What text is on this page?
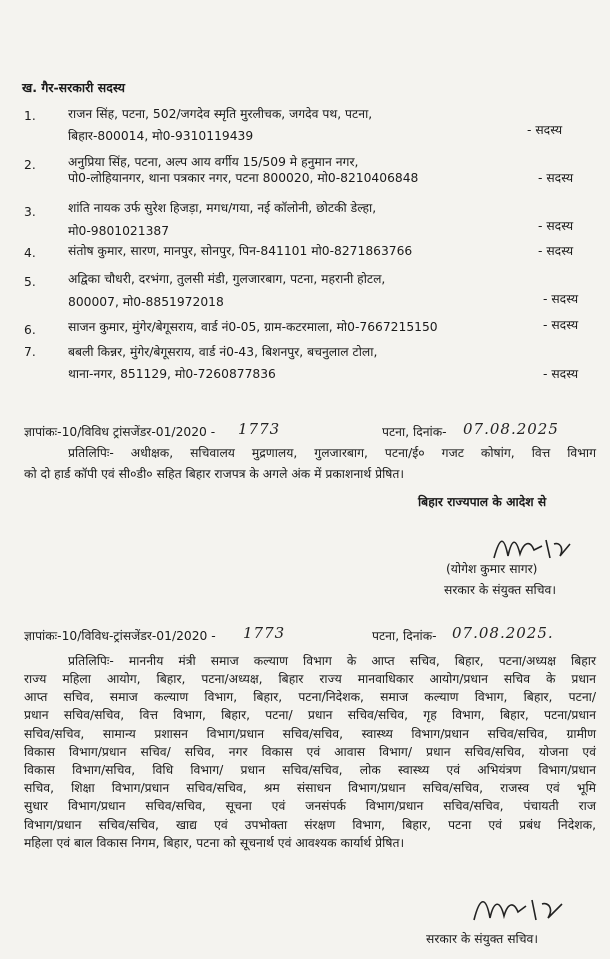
ख. गैर-सरकारी सदस्य
1.	राजन सिंह, पटना, 502/जगदेव स्मृति मुरलीचक, जगदेव पथ, पटना,
बिहार-800014, मो0-9310119439	- सदस्य
2.	अनुप्रिया सिंह, पटना, अल्प आय वर्गीय 15/509 मे हनुमान नगर,
पो0-लोहियानगर, थाना पत्रकार नगर, पटना 800020, मो0-8210406848	- सदस्य
3.	शांति नायक उर्फ सुरेश हिजड़ा, मगध/गया, नई कॉलोनी, छोटकी डेल्हा,
मो0-9801021387	- सदस्य
4.	संतोष कुमार, सारण, मानपुर, सोनपुर, पिन-841101 मो0-8271863766	- सदस्य
5.	अद्विका चौधरी, दरभंगा, तुलसी मंडी, गुलजारबाग, पटना, महरानी होटल,
800007, मो0-8851972018	- सदस्य
6.	साजन कुमार, मुंगेर/बेगूसराय, वार्ड नं0-05, ग्राम-कटरमाला, मो0-7667215150	- सदस्य
7.	बबली किन्नर, मुंगेर/बेगूसराय, वार्ड नं0-43, बिशनपुर, बचनुलाल टोला,
थाना-नगर, 851129, मो0-7260877836	- सदस्य
ज्ञापांकः-10/विविध ट्रांसजेंडर-01/2020 - 1773	पटना, दिनांक- 07.08.2025
प्रतिलिपिः- अधीक्षक, सचिवालय मुद्रणालय, गुलजारबाग, पटना/ई० गजट कोषांग, वित्त विभाग
को दो हार्ड कॉपी एवं सी०डी० सहित बिहार राजपत्र के अगले अंक में प्रकाशनार्थ प्रेषित।
बिहार राज्यपाल के आदेश से
(योगेश कुमार सागर)
सरकार के संयुक्त सचिव।
ज्ञापांकः-10/विविध-ट्रांसजेंडर-01/2020 - 1773	पटना, दिनांक- 07.08.2025.
प्रतिलिपिः- माननीय मंत्री समाज कल्याण विभाग के आप्त सचिव, बिहार, पटना/अध्यक्ष बिहार
राज्य महिला आयोग, बिहार, पटना/अध्यक्ष, बिहार राज्य मानवाधिकार आयोग/प्रधान सचिव के प्रधान
आप्त सचिव, समाज कल्याण विभाग, बिहार, पटना/निदेशक, समाज कल्याण विभाग, बिहार, पटना/
प्रधान सचिव/सचिव, वित्त विभाग, बिहार, पटना/ प्रधान सचिव/सचिव, गृह विभाग, बिहार, पटना/प्रधान
सचिव/सचिव, सामान्य प्रशासन विभाग/प्रधान सचिव/सचिव, स्वास्थ्य विभाग/प्रधान सचिव/सचिव, ग्रामीण
विकास विभाग/प्रधान सचिव/ सचिव, नगर विकास एवं आवास विभाग/ प्रधान सचिव/सचिव, योजना एवं
विकास विभाग/सचिव, विधि विभाग/ प्रधान सचिव/सचिव, लोक स्वास्थ्य एवं अभियंत्रण विभाग/प्रधान
सचिव, शिक्षा विभाग/प्रधान सचिव/सचिव, श्रम संसाधन विभाग/प्रधान सचिव/सचिव, राजस्व एवं भूमि
सुधार विभाग/प्रधान सचिव/सचिव, सूचना एवं जनसंपर्क विभाग/प्रधान सचिव/सचिव, पंचायती राज
विभाग/प्रधान सचिव/सचिव, खाद्य एवं उपभोक्ता संरक्षण विभाग, बिहार, पटना एवं प्रबंध निदेशक,
महिला एवं बाल विकास निगम, बिहार, पटना को सूचनार्थ एवं आवश्यक कार्यार्थ प्रेषित।
सरकार के संयुक्त सचिव।
